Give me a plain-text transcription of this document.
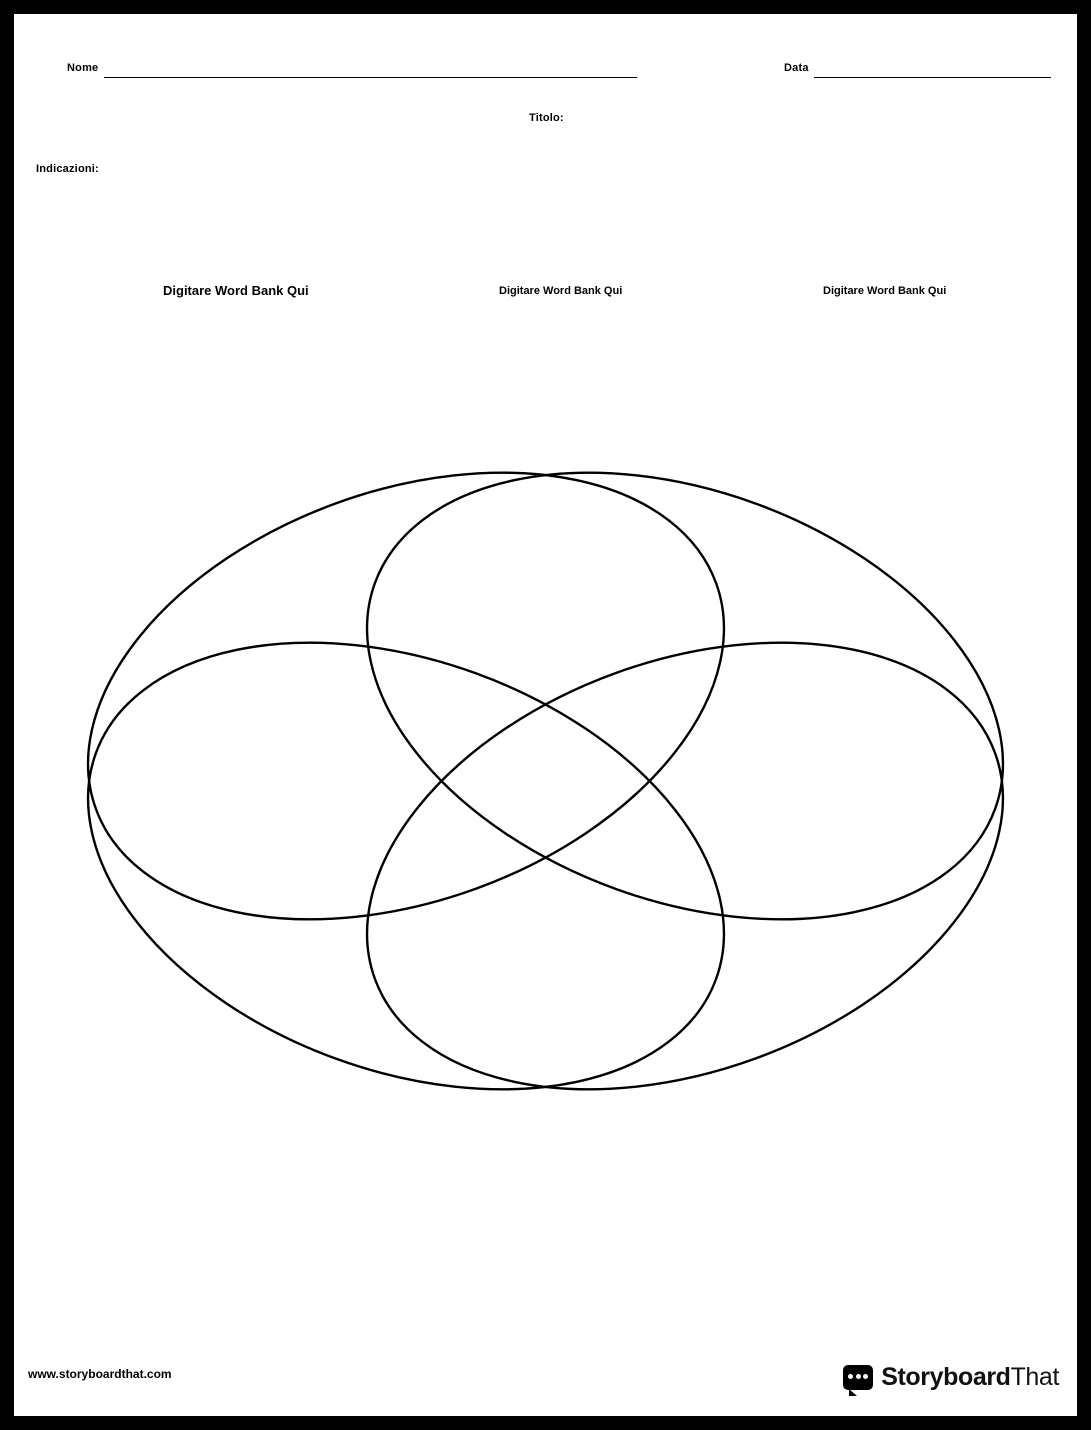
Nome	Data
Titolo:
Indicazioni:
Digitare Word Bank Qui	Digitare Word Bank Qui	Digitare Word Bank Qui
www.storyboardthat.com	StoryboardThat
